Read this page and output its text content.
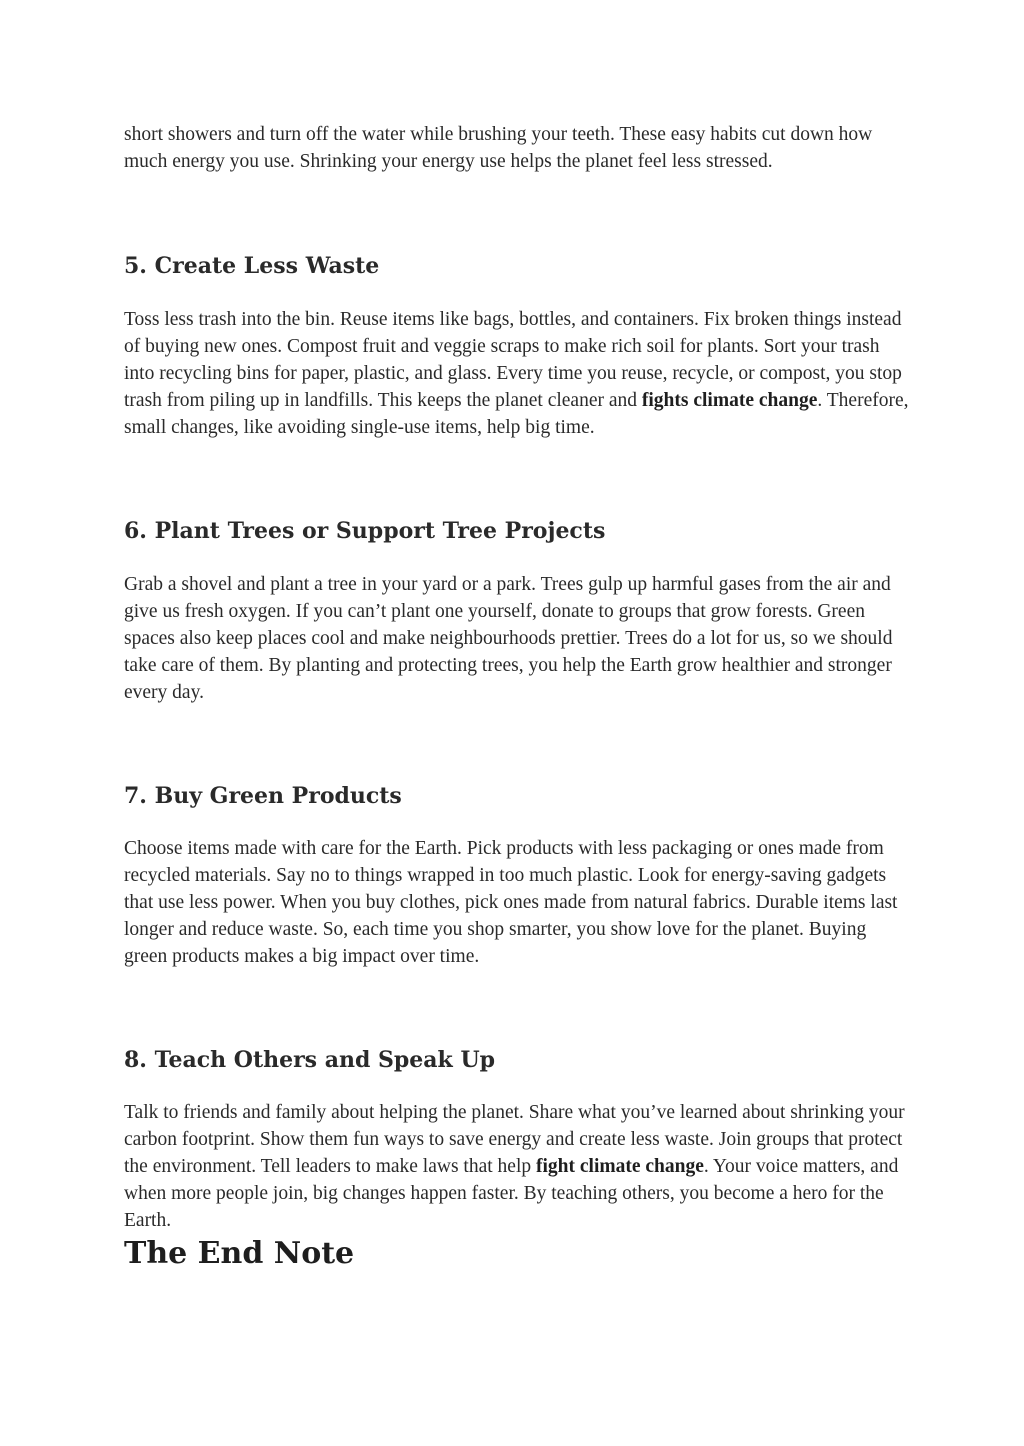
short showers and turn off the water while brushing your teeth. These easy habits cut down how much energy you use. Shrinking your energy use helps the planet feel less stressed.

5. Create Less Waste

Toss less trash into the bin. Reuse items like bags, bottles, and containers. Fix broken things instead of buying new ones. Compost fruit and veggie scraps to make rich soil for plants. Sort your trash into recycling bins for paper, plastic, and glass. Every time you reuse, recycle, or compost, you stop trash from piling up in landfills. This keeps the planet cleaner and fights climate change. Therefore, small changes, like avoiding single-use items, help big time.

6. Plant Trees or Support Tree Projects

Grab a shovel and plant a tree in your yard or a park. Trees gulp up harmful gases from the air and give us fresh oxygen. If you can’t plant one yourself, donate to groups that grow forests. Green spaces also keep places cool and make neighbourhoods prettier. Trees do a lot for us, so we should take care of them. By planting and protecting trees, you help the Earth grow healthier and stronger every day.

7. Buy Green Products

Choose items made with care for the Earth. Pick products with less packaging or ones made from recycled materials. Say no to things wrapped in too much plastic. Look for energy-saving gadgets that use less power. When you buy clothes, pick ones made from natural fabrics. Durable items last longer and reduce waste. So, each time you shop smarter, you show love for the planet. Buying green products makes a big impact over time.

8. Teach Others and Speak Up

Talk to friends and family about helping the planet. Share what you’ve learned about shrinking your carbon footprint. Show them fun ways to save energy and create less waste. Join groups that protect the environment. Tell leaders to make laws that help fight climate change. Your voice matters, and when more people join, big changes happen faster. By teaching others, you become a hero for the Earth.

The End Note
